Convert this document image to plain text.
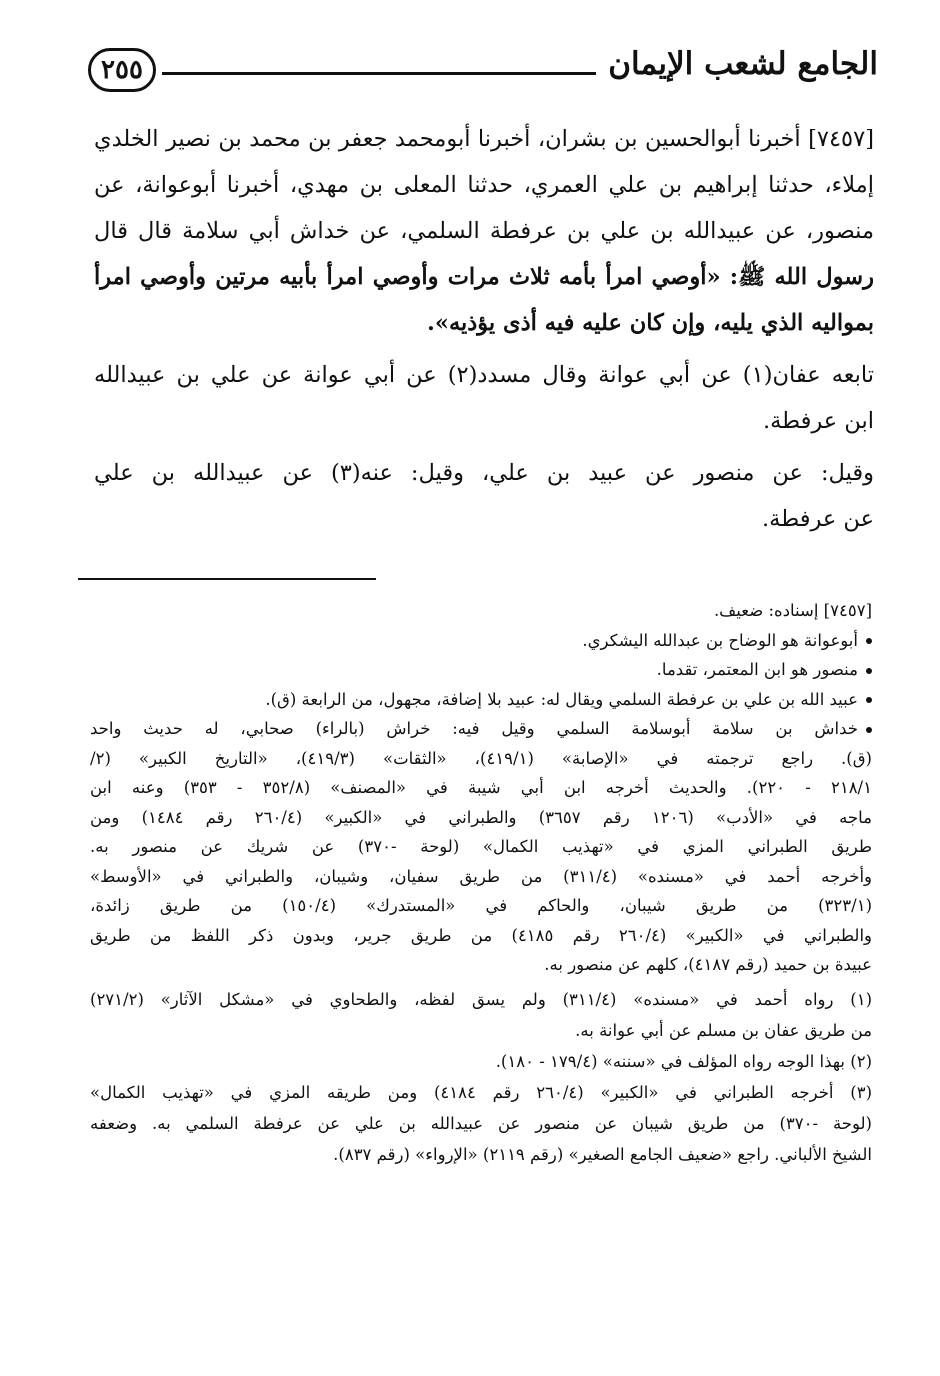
الجامع لشعب الإيمان
٢٥٥
[٧٤٥٧] أخبرنا أبوالحسين بن بشران، أخبرنا أبومحمد جعفر بن محمد بن نصير الخلدي
إملاء، حدثنا إبراهيم بن علي العمري، حدثنا المعلى بن مهدي، أخبرنا أبوعوانة، عن
منصور، عن عبيدالله بن علي بن عرفطة السلمي، عن خداش أبي سلامة قال قال
رسول الله ﷺ: «أوصي امرأ بأمه ثلاث مرات وأوصي امرأ بأبيه مرتين وأوصي امرأ
بمواليه الذي يليه، وإن كان عليه فيه أذى يؤذيه».
تابعه عفان(١) عن أبي عوانة وقال مسدد(٢) عن أبي عوانة عن علي بن عبيدالله
ابن عرفطة.
وقيل: عن منصور عن عبيد بن علي، وقيل: عنه(٣) عن عبيدالله بن علي
عن عرفطة.
[٧٤٥٧] إسناده: ضعيف.
أبوعوانة هو الوضاح بن عبدالله اليشكري.
منصور هو ابن المعتمر، تقدما.
عبيد الله بن علي بن عرفطة السلمي ويقال له: عبيد بلا إضافة، مجهول، من الرابعة (ق).
خداش بن سلامة أبوسلامة السلمي وقيل فيه: خراش (بالراء) صحابي، له حديث واحد
(ق). راجع ترجمته في «الإصابة» (٤١٩/١)، «الثقات» (٤١٩/٣)، «التاريخ الكبير» (٢/
٢١٨/١ - ٢٢٠). والحديث أخرجه ابن أبي شيبة في «المصنف» (٣٥٢/٨ - ٣٥٣) وعنه ابن
ماجه في «الأدب» (١٢٠٦ رقم ٣٦٥٧) والطبراني في «الكبير» (٢٦٠/٤ رقم ١٤٨٤) ومن
طريق الطبراني المزي في «تهذيب الكمال» (لوحة -٣٧٠) عن شريك عن منصور به.
وأخرجه أحمد في «مسنده» (٣١١/٤) من طريق سفيان، وشيبان، والطبراني في «الأوسط»
(٣٢٣/١) من طريق شيبان، والحاكم في «المستدرك» (١٥٠/٤) من طريق زائدة،
والطبراني في «الكبير» (٢٦٠/٤ رقم ٤١٨٥) من طريق جرير، وبدون ذكر اللفظ من طريق
عبيدة بن حميد (رقم ٤١٨٧)، كلهم عن منصور به.
(١) رواه أحمد في «مسنده» (٣١١/٤) ولم يسق لفظه، والطحاوي في «مشكل الآثار» (٢٧١/٢)
من طريق عفان بن مسلم عن أبي عوانة به.
(٢) بهذا الوجه رواه المؤلف في «سننه» (١٧٩/٤ - ١٨٠).
(٣) أخرجه الطبراني في «الكبير» (٢٦٠/٤ رقم ٤١٨٤) ومن طريقه المزي في «تهذيب الكمال»
(لوحة -٣٧٠) من طريق شيبان عن منصور عن عبيدالله بن علي عن عرفطة السلمي به. وضعفه
الشيخ الألباني. راجع «ضعيف الجامع الصغير» (رقم ٢١١٩) «الإرواء» (رقم ٨٣٧).
